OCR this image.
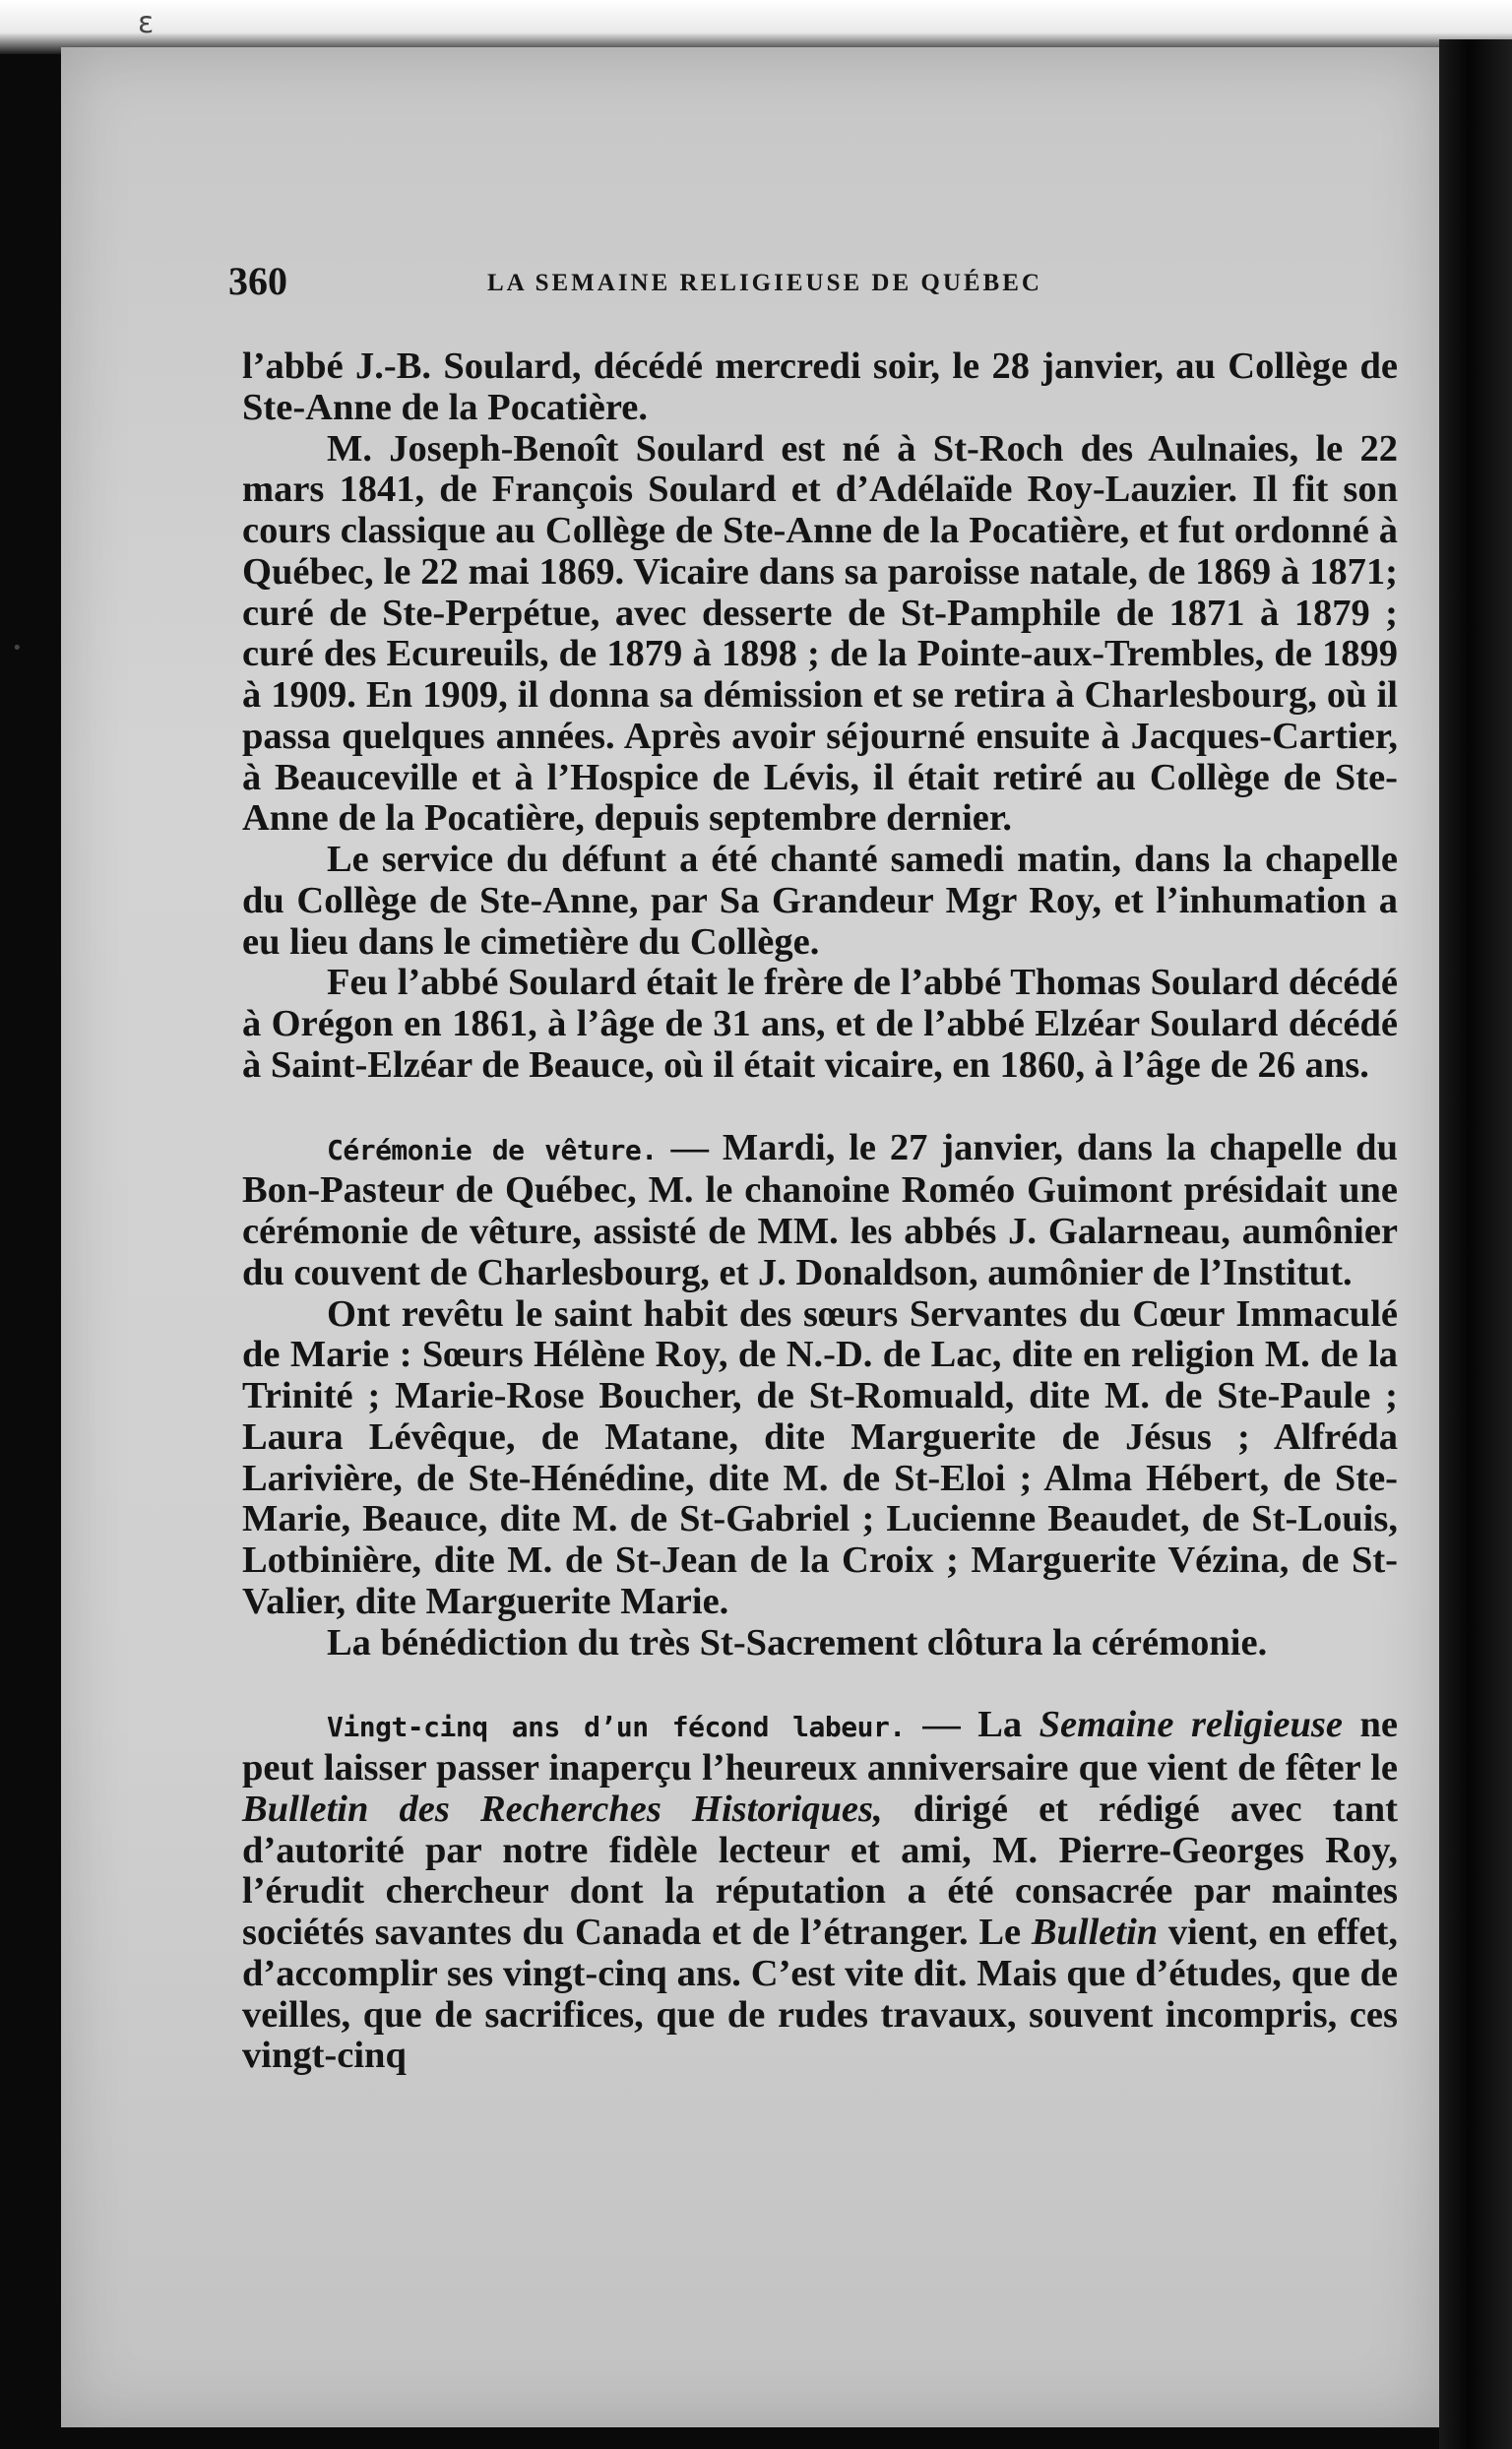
ɛ
•
360	LA SEMAINE RELIGIEUSE DE QUÉBEC

l’abbé J.-B. Soulard, décédé mercredi soir, le 28 janvier, au Collège de Ste-Anne de la Pocatière.

M. Joseph-Benoît Soulard est né à St-Roch des Aulnaies, le 22 mars 1841, de François Soulard et d’Adélaïde Roy-Lauzier. Il fit son cours classique au Collège de Ste-Anne de la Pocatière, et fut ordonné à Québec, le 22 mai 1869. Vicaire dans sa paroisse natale, de 1869 à 1871; curé de Ste-Perpétue, avec desserte de St-Pamphile de 1871 à 1879 ; curé des Ecureuils, de 1879 à 1898 ; de la Pointe-aux-Trembles, de 1899 à 1909. En 1909, il donna sa démission et se retira à Charlesbourg, où il passa quelques années. Après avoir séjourné ensuite à Jacques-Cartier, à Beauceville et à l’Hospice de Lévis, il était retiré au Collège de Ste-Anne de la Pocatière, depuis septembre dernier.

Le service du défunt a été chanté samedi matin, dans la chapelle du Collège de Ste-Anne, par Sa Grandeur Mgr Roy, et l’inhumation a eu lieu dans le cimetière du Collège.

Feu l’abbé Soulard était le frère de l’abbé Thomas Soulard décédé à Orégon en 1861, à l’âge de 31 ans, et de l’abbé Elzéar Soulard décédé à Saint-Elzéar de Beauce, où il était vicaire, en 1860, à l’âge de 26 ans.

Cérémonie de vêture. — Mardi, le 27 janvier, dans la chapelle du Bon-Pasteur de Québec, M. le chanoine Roméo Guimont présidait une cérémonie de vêture, assisté de MM. les abbés J. Galarneau, aumônier du couvent de Charlesbourg, et J. Donaldson, aumônier de l’Institut.

Ont revêtu le saint habit des sœurs Servantes du Cœur Immaculé de Marie : Sœurs Hélène Roy, de N.-D. de Lac, dite en religion M. de la Trinité ; Marie-Rose Boucher, de St-Romuald, dite M. de Ste-Paule ; Laura Lévêque, de Matane, dite Marguerite de Jésus ; Alfréda Larivière, de Ste-Hénédine, dite M. de St-Eloi ; Alma Hébert, de Ste-Marie, Beauce, dite M. de St-Gabriel ; Lucienne Beaudet, de St-Louis, Lotbinière, dite M. de St-Jean de la Croix ; Marguerite Vézina, de St-Valier, dite Marguerite Marie.

La bénédiction du très St-Sacrement clôtura la cérémonie.

Vingt-cinq ans d’un fécond labeur. — La Semaine religieuse ne peut laisser passer inaperçu l’heureux anniversaire que vient de fêter le Bulletin des Recherches Historiques, dirigé et rédigé avec tant d’autorité par notre fidèle lecteur et ami, M. Pierre-Georges Roy, l’érudit chercheur dont la réputation a été consacrée par maintes sociétés savantes du Canada et de l’étranger. Le Bulletin vient, en effet, d’accomplir ses vingt-cinq ans. C’est vite dit. Mais que d’études, que de veilles, que de sacrifices, que de rudes travaux, souvent incompris, ces vingt-cinq
